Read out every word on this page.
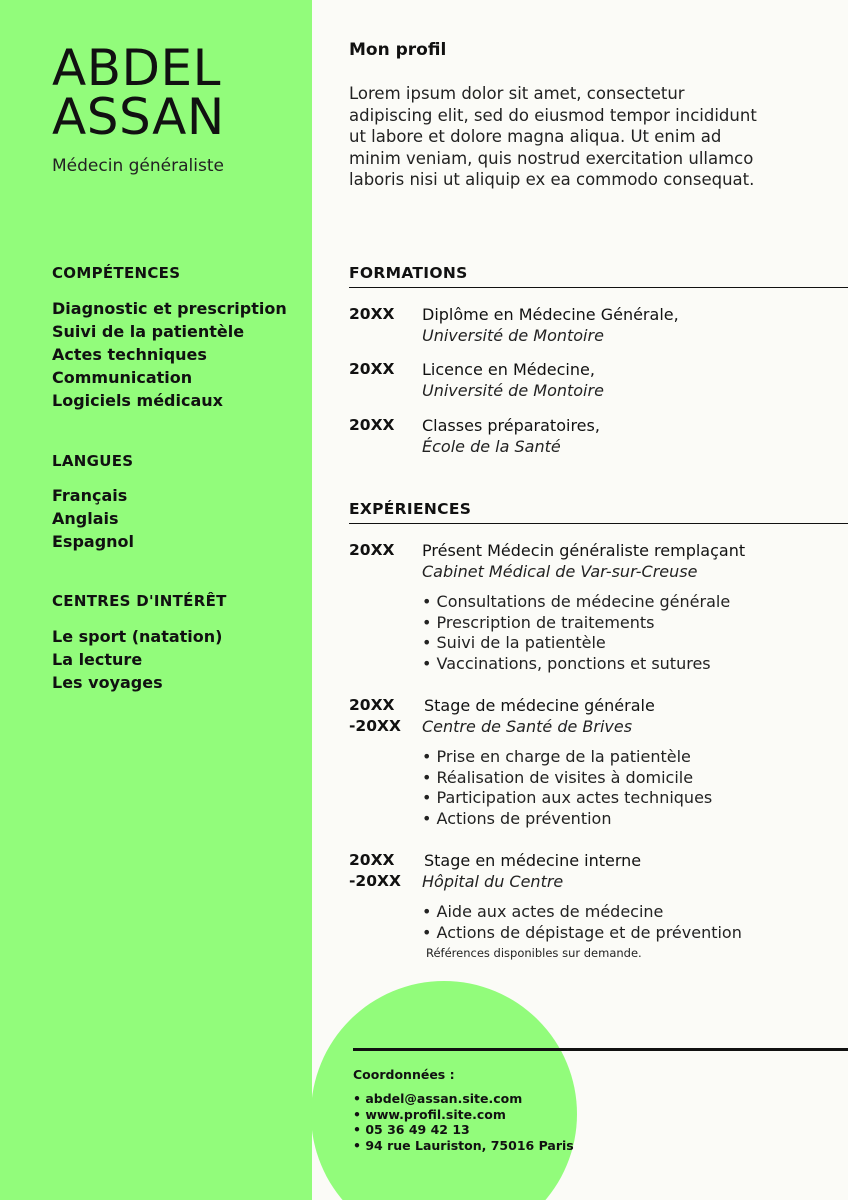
ABDEL
ASSAN
Médecin généraliste
COMPÉTENCES
Diagnostic et prescription
Suivi de la patientèle
Actes techniques
Communication
Logiciels médicaux
LANGUES
Français
Anglais
Espagnol
CENTRES D'INTÉRÊT
Le sport (natation)
La lecture
Les voyages
Mon profil
Lorem ipsum dolor sit amet, consectetur adipiscing elit, sed do eiusmod tempor incididunt ut labore et dolore magna aliqua. Ut enim ad minim veniam, quis nostrud exercitation ullamco laboris nisi ut aliquip ex ea commodo consequat.
FORMATIONS
20XX Diplôme en Médecine Générale,
Université de Montoire
20XX Licence en Médecine,
Université de Montoire
20XX Classes préparatoires,
École de la Santé
EXPÉRIENCES
20XX Présent Médecin généraliste remplaçant
Cabinet Médical de Var-sur-Creuse
• Consultations de médecine générale
• Prescription de traitements
• Suivi de la patientèle
• Vaccinations, ponctions et sutures
20XX
-20XX
Stage de médecine générale
Centre de Santé de Brives
• Prise en charge de la patientèle
• Réalisation de visites à domicile
• Participation aux actes techniques
• Actions de prévention
20XX
-20XX
Stage en médecine interne
Hôpital du Centre
• Aide aux actes de médecine
• Actions de dépistage et de prévention
Références disponibles sur demande.
Coordonnées :
• abdel@assan.site.com
• www.profil.site.com
• 05 36 49 42 13
• 94 rue Lauriston, 75016 Paris
